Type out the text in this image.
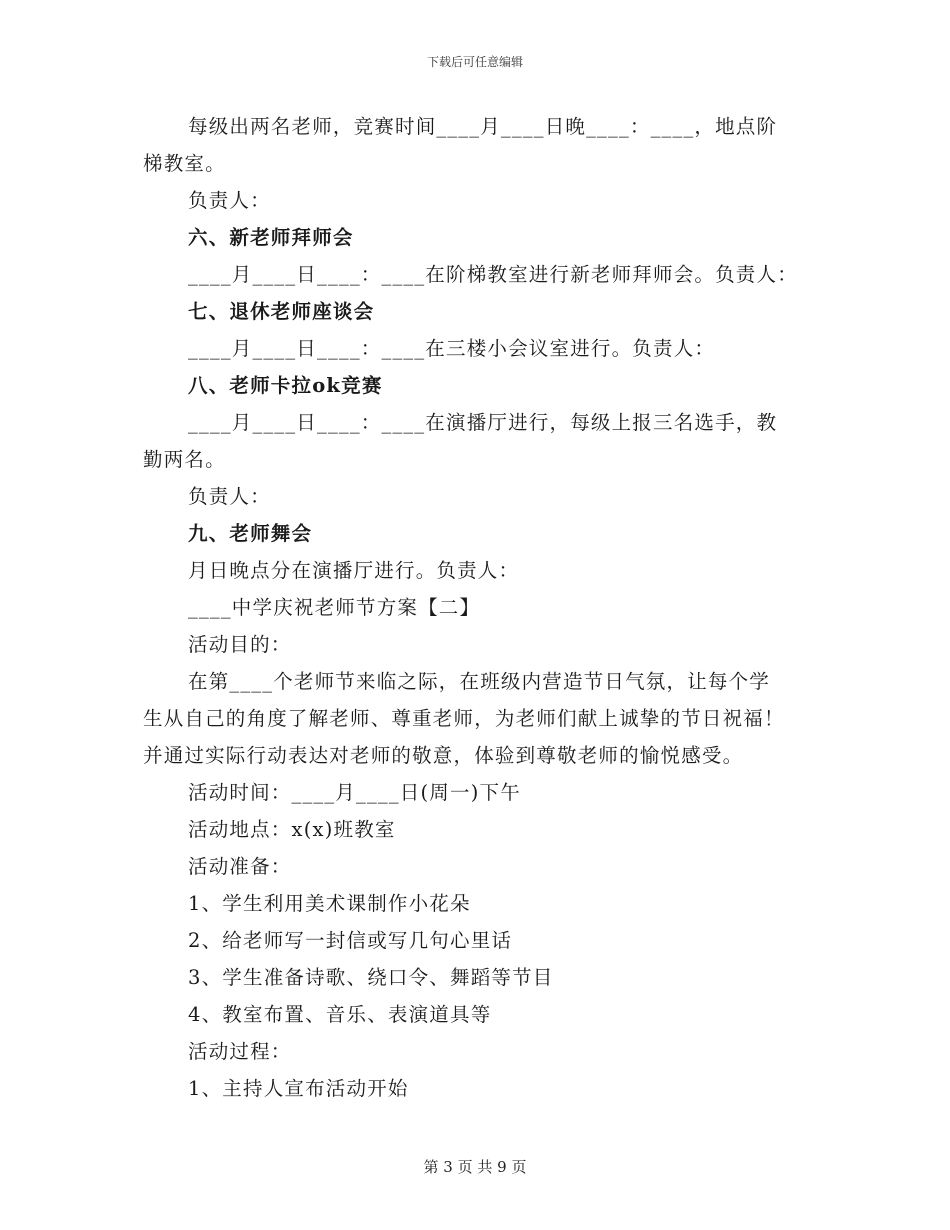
下载后可任意编辑
每级出两名老师，竞赛时间____月____日晚____：____，地点阶
梯教室。
负责人：
六、新老师拜师会
____月____日____：____在阶梯教室进行新老师拜师会。负责人：
七、退休老师座谈会
____月____日____：____在三楼小会议室进行。负责人：
八、老师卡拉ok竞赛
____月____日____：____在演播厅进行，每级上报三名选手，教
勤两名。
负责人：
九、老师舞会
月日晚点分在演播厅进行。负责人：
____中学庆祝老师节方案【二】
活动目的：
在第____个老师节来临之际，在班级内营造节日气氛，让每个学
生从自己的角度了解老师、尊重老师，为老师们献上诚挚的节日祝福！
并通过实际行动表达对老师的敬意，体验到尊敬老师的愉悦感受。
活动时间：____月____日(周一)下午
活动地点：x(x)班教室
活动准备：
1、学生利用美术课制作小花朵
2、给老师写一封信或写几句心里话
3、学生准备诗歌、绕口令、舞蹈等节目
4、教室布置、音乐、表演道具等
活动过程：
1、主持人宣布活动开始
第 3 页 共 9 页
